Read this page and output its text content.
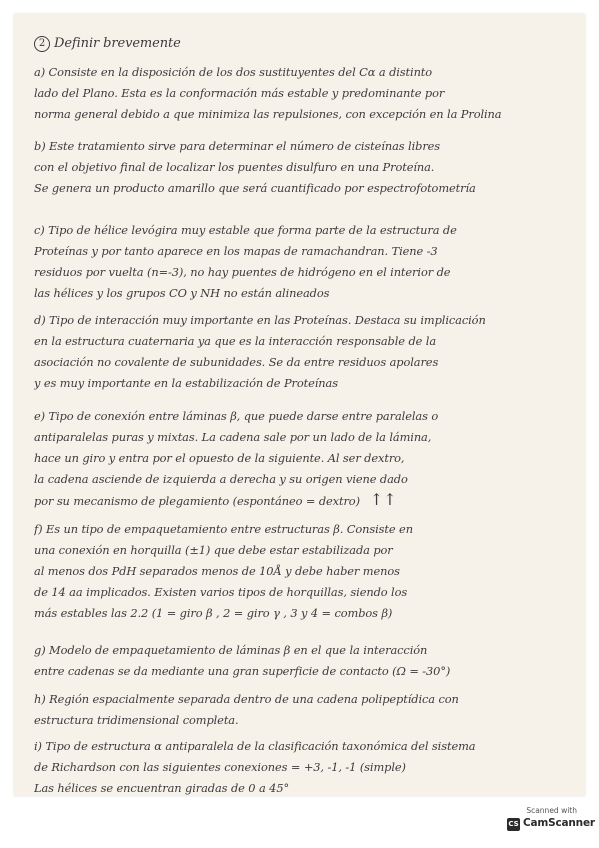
2 Definir brevemente
a) Consiste en la disposición de los dos sustituyentes del Cα a distinto
lado del Plano. Esta es la conformación más estable y predominante por
norma general debido a que minimiza las repulsiones, con excepción en la Prolina
b) Este tratamiento sirve para determinar el número de cisteínas libres
con el objetivo final de localizar los puentes disulfuro en una Proteína.
Se genera un producto amarillo que será cuantificado por espectrofotometría
c) Tipo de hélice levógira muy estable que forma parte de la estructura de
Proteínas y por tanto aparece en los mapas de ramachandran. Tiene -3
residuos por vuelta (n=-3), no hay puentes de hidrógeno en el interior de
las hélices y los grupos CO y NH no están alineados
d) Tipo de interacción muy importante en las Proteínas. Destaca su implicación
en la estructura cuaternaria ya que es la interacción responsable de la
asociación no covalente de subunidades. Se da entre residuos apolares
y es muy importante en la estabilización de Proteínas
e) Tipo de conexión entre láminas β, que puede darse entre paralelas o
antiparalelas puras y mixtas. La cadena sale por un lado de la lámina,
hace un giro y entra por el opuesto de la siguiente. Al ser dextro,
la cadena asciende de izquierda a derecha y su origen viene dado
por su mecanismo de plegamiento (espontáneo = dextro) ↑↑
f) Es un tipo de empaquetamiento entre estructuras β. Consiste en
una conexión en horquilla (±1) que debe estar estabilizada por
al menos dos PdH separados menos de 10Å y debe haber menos
de 14 aa implicados. Existen varios tipos de horquillas, siendo los
más estables las 2.2 (1 = giro β , 2 = giro γ , 3 y 4 = combos β)
g) Modelo de empaquetamiento de láminas β en el que la interacción
entre cadenas se da mediante una gran superficie de contacto (Ω = -30°)
h) Región espacialmente separada dentro de una cadena polipeptídica con
estructura tridimensional completa.
i) Tipo de estructura α antiparalela de la clasificación taxonómica del sistema
de Richardson con las siguientes conexiones = +3, -1, -1 (simple)
Las hélices se encuentran giradas de 0 a 45°
Scanned with
CS CamScanner
